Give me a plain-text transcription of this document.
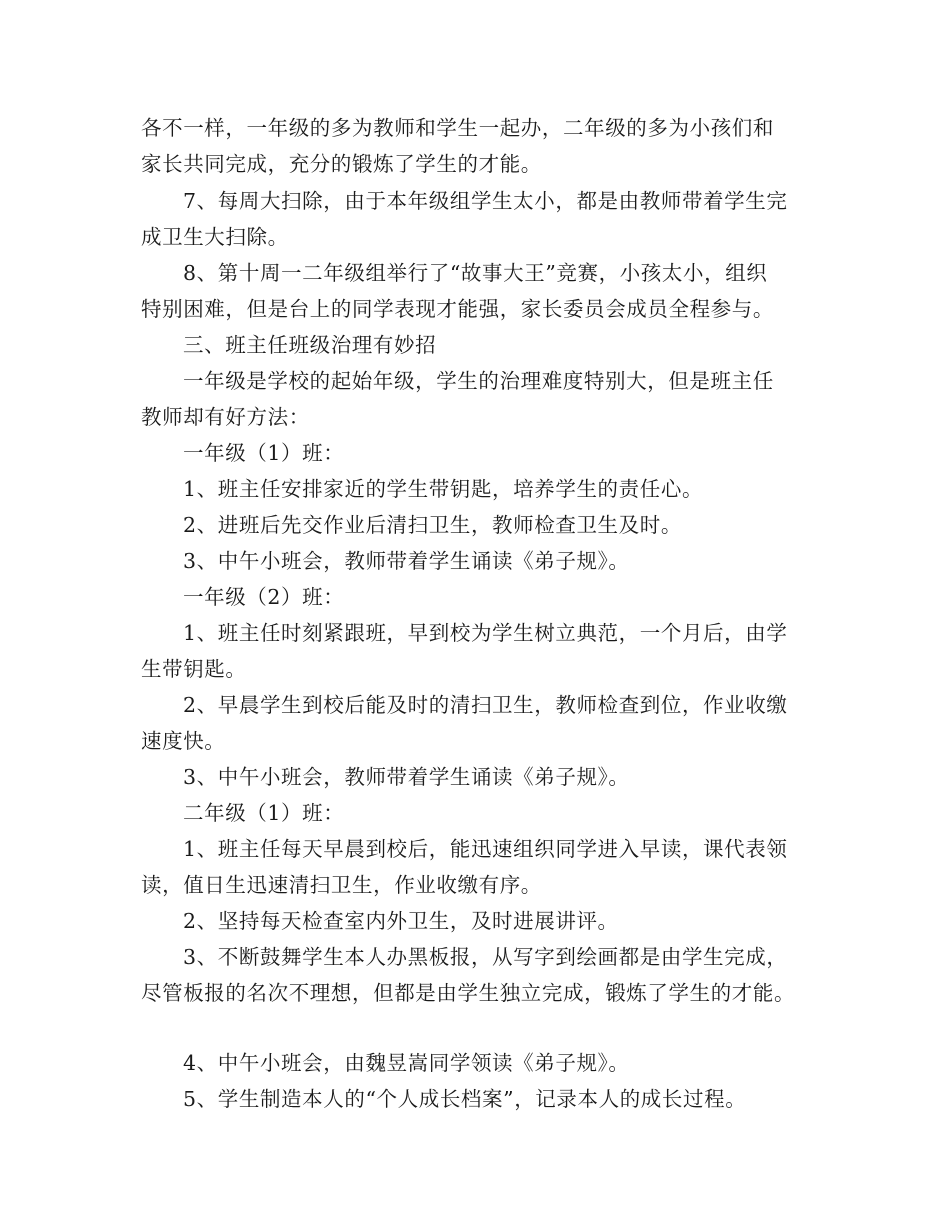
各不一样，一年级的多为教师和学生一起办，二年级的多为小孩们和
家长共同完成，充分的锻炼了学生的才能。
7、每周大扫除，由于本年级组学生太小，都是由教师带着学生完
成卫生大扫除。
8、第十周一二年级组举行了“故事大王”竞赛，小孩太小，组织
特别困难，但是台上的同学表现才能强，家长委员会成员全程参与。
三、班主任班级治理有妙招
一年级是学校的起始年级，学生的治理难度特别大，但是班主任
教师却有好方法：
一年级（1）班：
1、班主任安排家近的学生带钥匙，培养学生的责任心。
2、进班后先交作业后清扫卫生，教师检查卫生及时。
3、中午小班会，教师带着学生诵读《弟子规》。
一年级（2）班：
1、班主任时刻紧跟班，早到校为学生树立典范，一个月后，由学
生带钥匙。
2、早晨学生到校后能及时的清扫卫生，教师检查到位，作业收缴
速度快。
3、中午小班会，教师带着学生诵读《弟子规》。
二年级（1）班：
1、班主任每天早晨到校后，能迅速组织同学进入早读，课代表领
读，值日生迅速清扫卫生，作业收缴有序。
2、坚持每天检查室内外卫生，及时进展讲评。
3、不断鼓舞学生本人办黑板报，从写字到绘画都是由学生完成，
尽管板报的名次不理想，但都是由学生独立完成，锻炼了学生的才能。
4、中午小班会，由魏昱嵩同学领读《弟子规》。
5、学生制造本人的“个人成长档案”，记录本人的成长过程。
